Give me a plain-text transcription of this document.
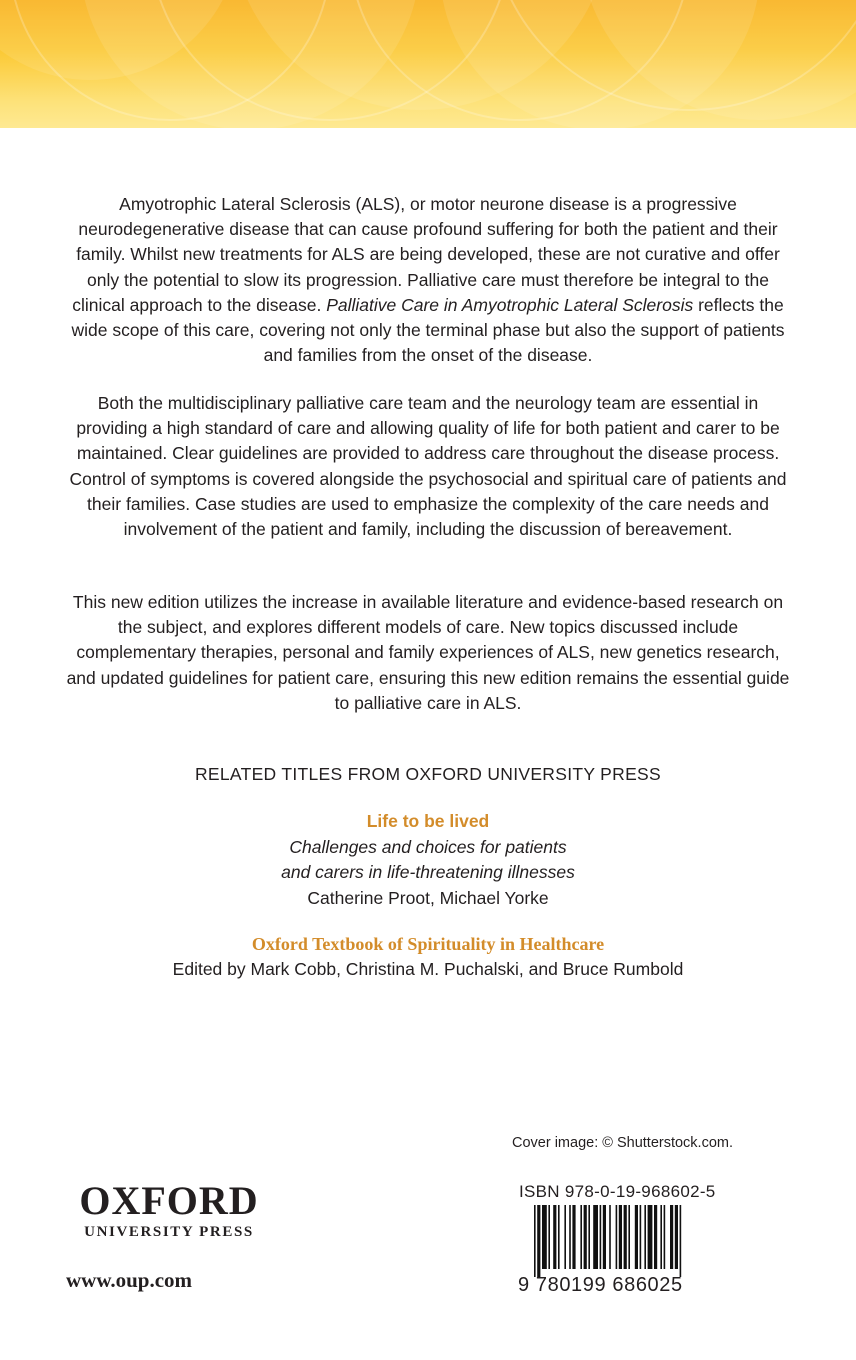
Amyotrophic Lateral Sclerosis (ALS), or motor neurone disease is a progressive neurodegenerative disease that can cause profound suffering for both the patient and their family. Whilst new treatments for ALS are being developed, these are not curative and offer only the potential to slow its progression. Palliative care must therefore be integral to the clinical approach to the disease. Palliative Care in Amyotrophic Lateral Sclerosis reflects the wide scope of this care, covering not only the terminal phase but also the support of patients and families from the onset of the disease.

Both the multidisciplinary palliative care team and the neurology team are essential in providing a high standard of care and allowing quality of life for both patient and carer to be maintained. Clear guidelines are provided to address care throughout the disease process. Control of symptoms is covered alongside the psychosocial and spiritual care of patients and their families. Case studies are used to emphasize the complexity of the care needs and involvement of the patient and family, including the discussion of bereavement.

This new edition utilizes the increase in available literature and evidence-based research on the subject, and explores different models of care. New topics discussed include complementary therapies, personal and family experiences of ALS, new genetics research, and updated guidelines for patient care, ensuring this new edition remains the essential guide to palliative care in ALS.

RELATED TITLES FROM OXFORD UNIVERSITY PRESS
Life to be lived
Challenges and choices for patients
and carers in life-threatening illnesses
Catherine Proot, Michael Yorke
Oxford Textbook of Spirituality in Healthcare
Edited by Mark Cobb, Christina M. Puchalski, and Bruce Rumbold
Cover image: © Shutterstock.com.
OXFORD
UNIVERSITY PRESS
www.oup.com
ISBN 978-0-19-968602-5
9 780199 686025
